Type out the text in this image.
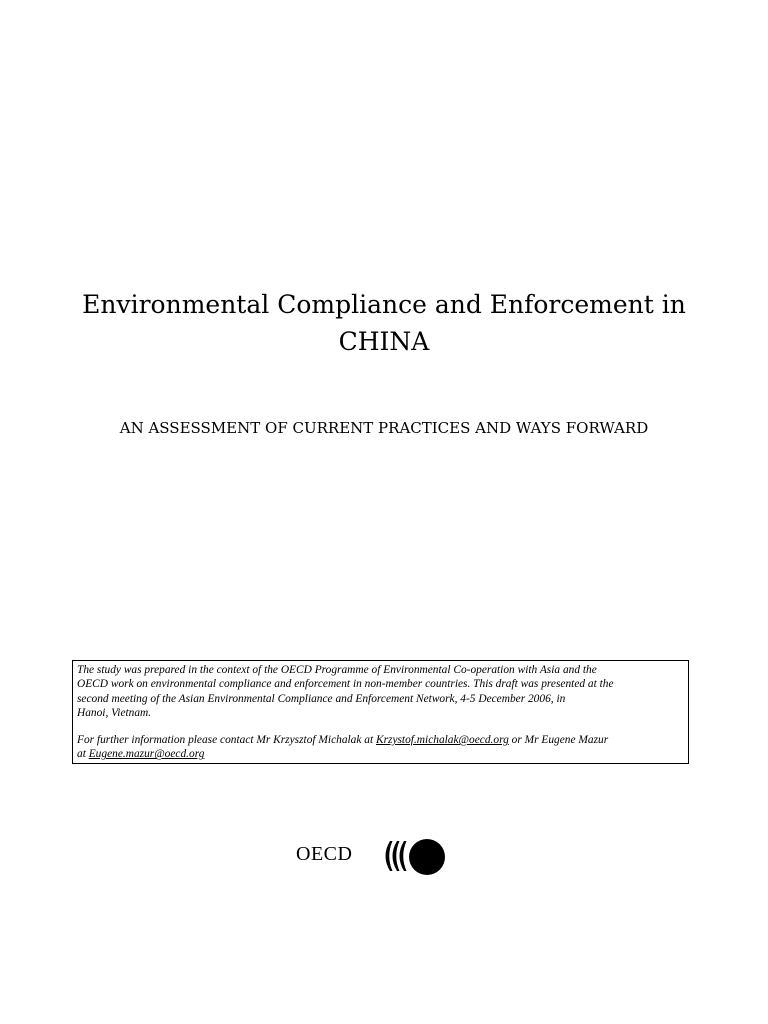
Environmental Compliance and Enforcement in
CHINA
AN ASSESSMENT OF CURRENT PRACTICES AND WAYS FORWARD

The study was prepared in the context of the OECD Programme of Environmental Co-operation with Asia and the
OECD work on environmental compliance and enforcement in non-member countries. This draft was presented at the
second meeting of the Asian Environmental Compliance and Enforcement Network, 4-5 December 2006, in
Hanoi, Vietnam.

For further information please contact Mr Krzysztof Michalak at Krzystof.michalak@oecd.org or Mr Eugene Mazur
at Eugene.mazur@oecd.org

OECD
